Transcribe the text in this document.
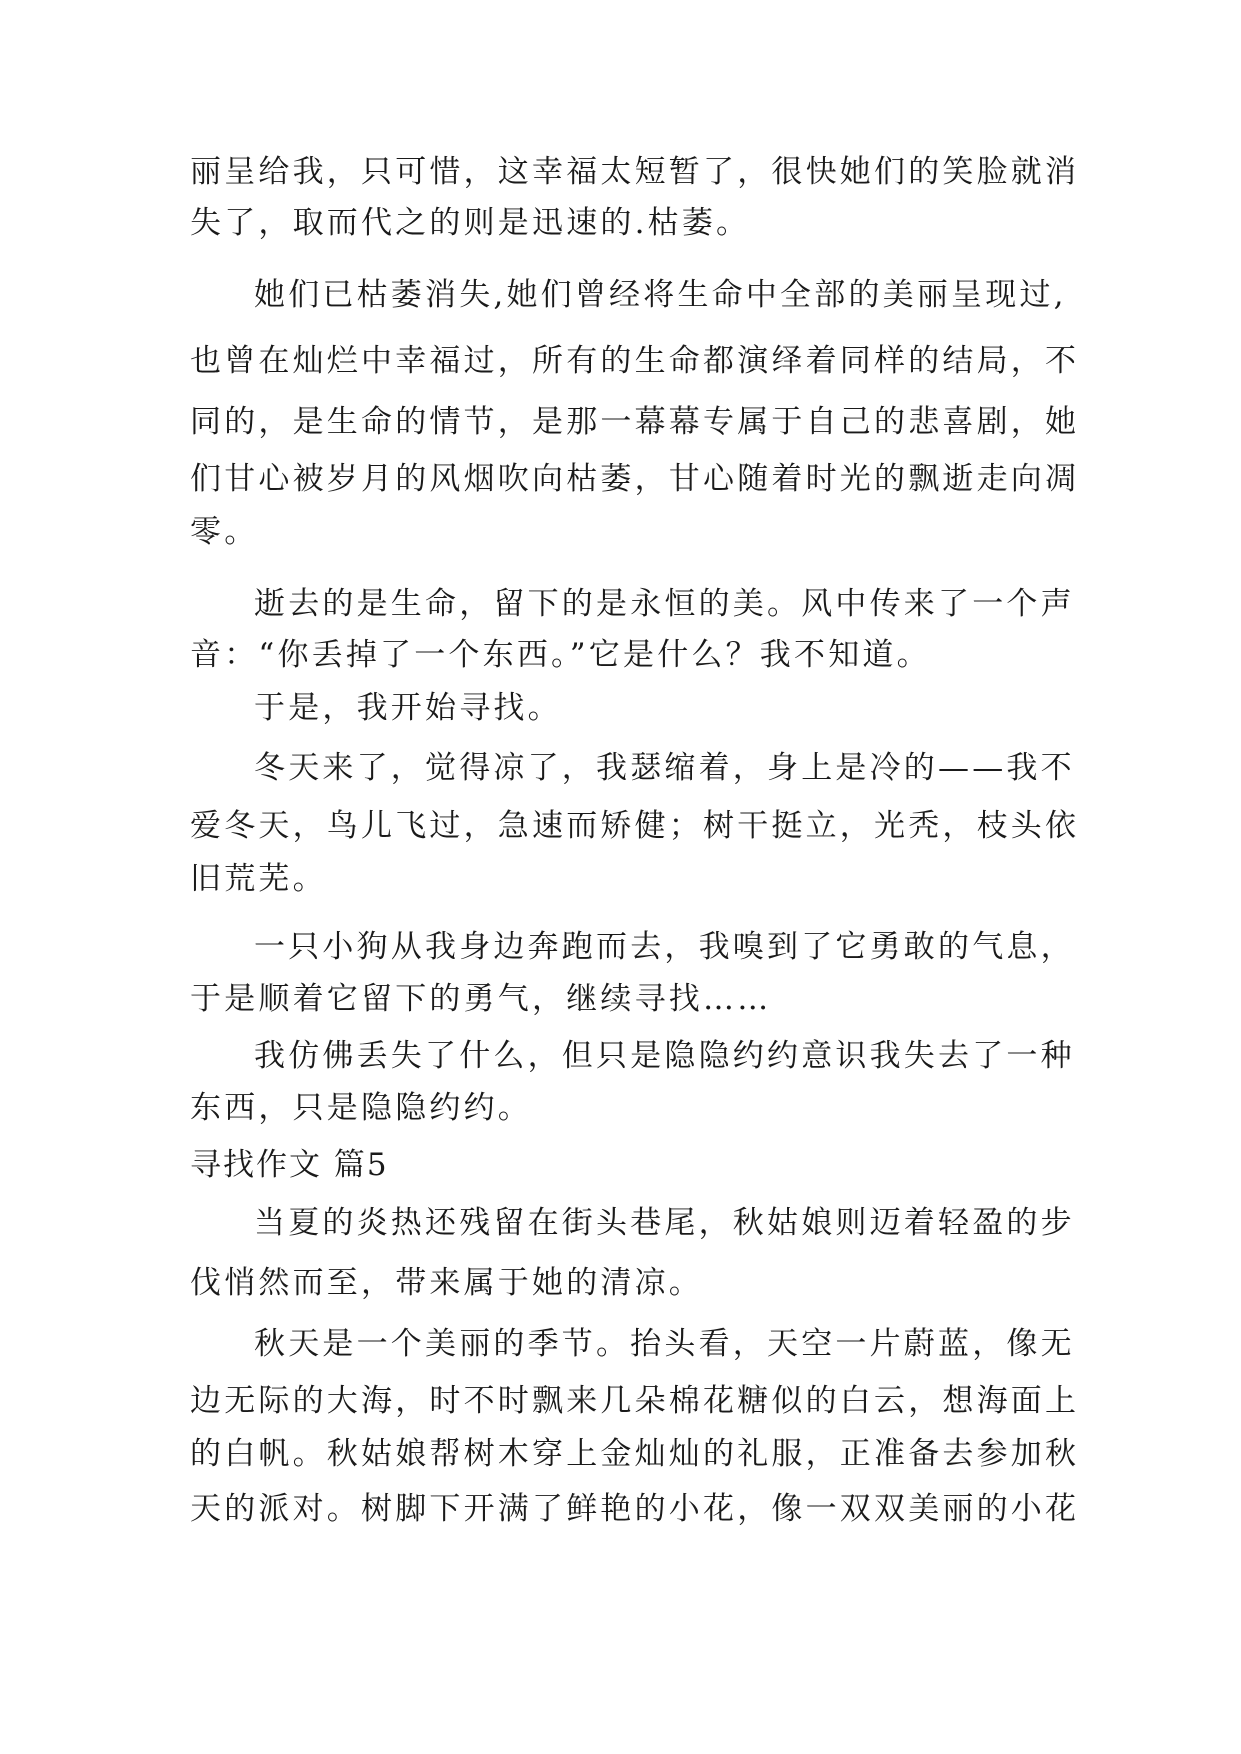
丽呈给我，只可惜，这幸福太短暂了，很快她们的笑脸就消
失了，取而代之的则是迅速的.枯萎。
她们已枯萎消失,她们曾经将生命中全部的美丽呈现过,
也曾在灿烂中幸福过，所有的生命都演绎着同样的结局，不
同的，是生命的情节，是那一幕幕专属于自己的悲喜剧，她
们甘心被岁月的风烟吹向枯萎，甘心随着时光的飘逝走向凋
零。
逝去的是生命，留下的是永恒的美。风中传来了一个声
音：“你丢掉了一个东西。”它是什么？我不知道。
于是，我开始寻找。
冬天来了，觉得凉了，我瑟缩着，身上是冷的——我不
爱冬天，鸟儿飞过，急速而矫健；树干挺立，光秃，枝头依
旧荒芜。
一只小狗从我身边奔跑而去，我嗅到了它勇敢的气息，
于是顺着它留下的勇气，继续寻找……
我仿佛丢失了什么，但只是隐隐约约意识我失去了一种
东西，只是隐隐约约。
寻找作文 篇5
当夏的炎热还残留在街头巷尾，秋姑娘则迈着轻盈的步
伐悄然而至，带来属于她的清凉。
秋天是一个美丽的季节。抬头看，天空一片蔚蓝，像无
边无际的大海，时不时飘来几朵棉花糖似的白云，想海面上
的白帆。秋姑娘帮树木穿上金灿灿的礼服，正准备去参加秋
天的派对。树脚下开满了鲜艳的小花，像一双双美丽的小花
